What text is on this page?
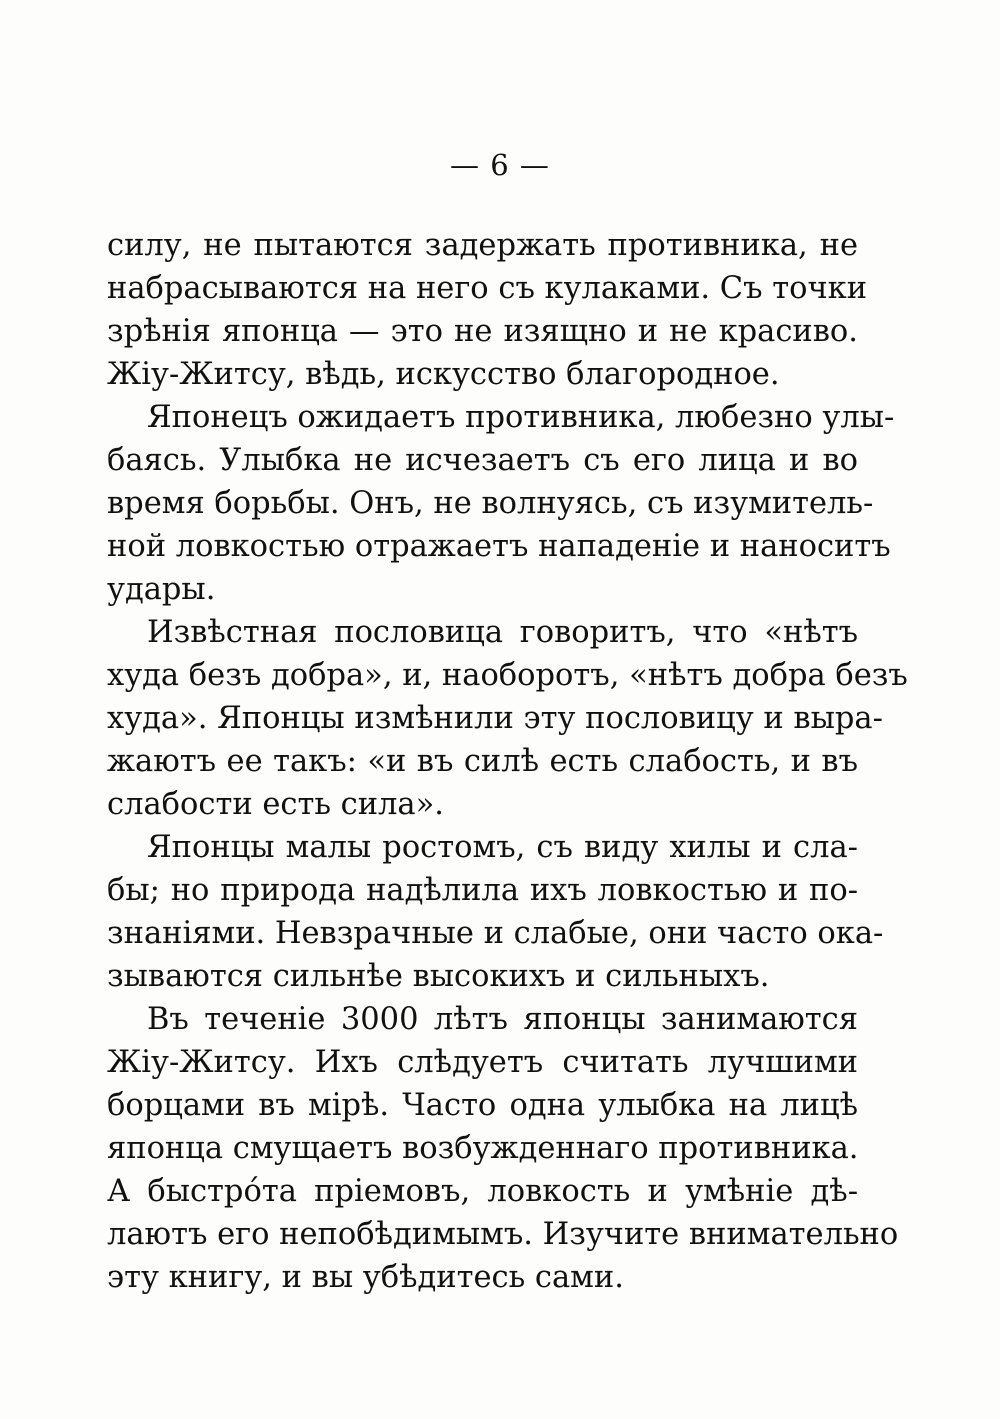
— 6 —
силу, не пытаются задержать противника, не
набрасываются на него съ кулаками. Съ точки
зрѣнія японца — это не изящно и не красиво.
Жіу-Житсу, вѣдь, искусство благородное.
Японецъ ожидаетъ противника, любезно улы-
баясь. Улыбка не исчезаетъ съ его лица и во
время борьбы. Онъ, не волнуясь, съ изумитель-
ной ловкостью отражаетъ нападеніе и наноситъ
удары.
Извѣстная пословица говоритъ, что «нѣтъ
худа безъ добра», и, наоборотъ, «нѣтъ добра безъ
худа». Японцы измѣнили эту пословицу и выра-
жаютъ ее такъ: «и въ силѣ есть слабость, и въ
слабости есть сила».
Японцы малы ростомъ, съ виду хилы и сла-
бы; но природа надѣлила ихъ ловкостью и по-
знаніями. Невзрачные и слабые, они часто ока-
зываются сильнѣе высокихъ и сильныхъ.
Въ теченіе 3000 лѣтъ японцы занимаются
Жіу-Житсу. Ихъ слѣдуетъ считать лучшими
борцами въ мірѣ. Часто одна улыбка на лицѣ
японца смущаетъ возбужденнаго противника.
А быстро́та пріемовъ, ловкость и умѣніе дѣ-
лаютъ его непобѣдимымъ. Изучите внимательно
эту книгу, и вы убѣдитесь сами.
